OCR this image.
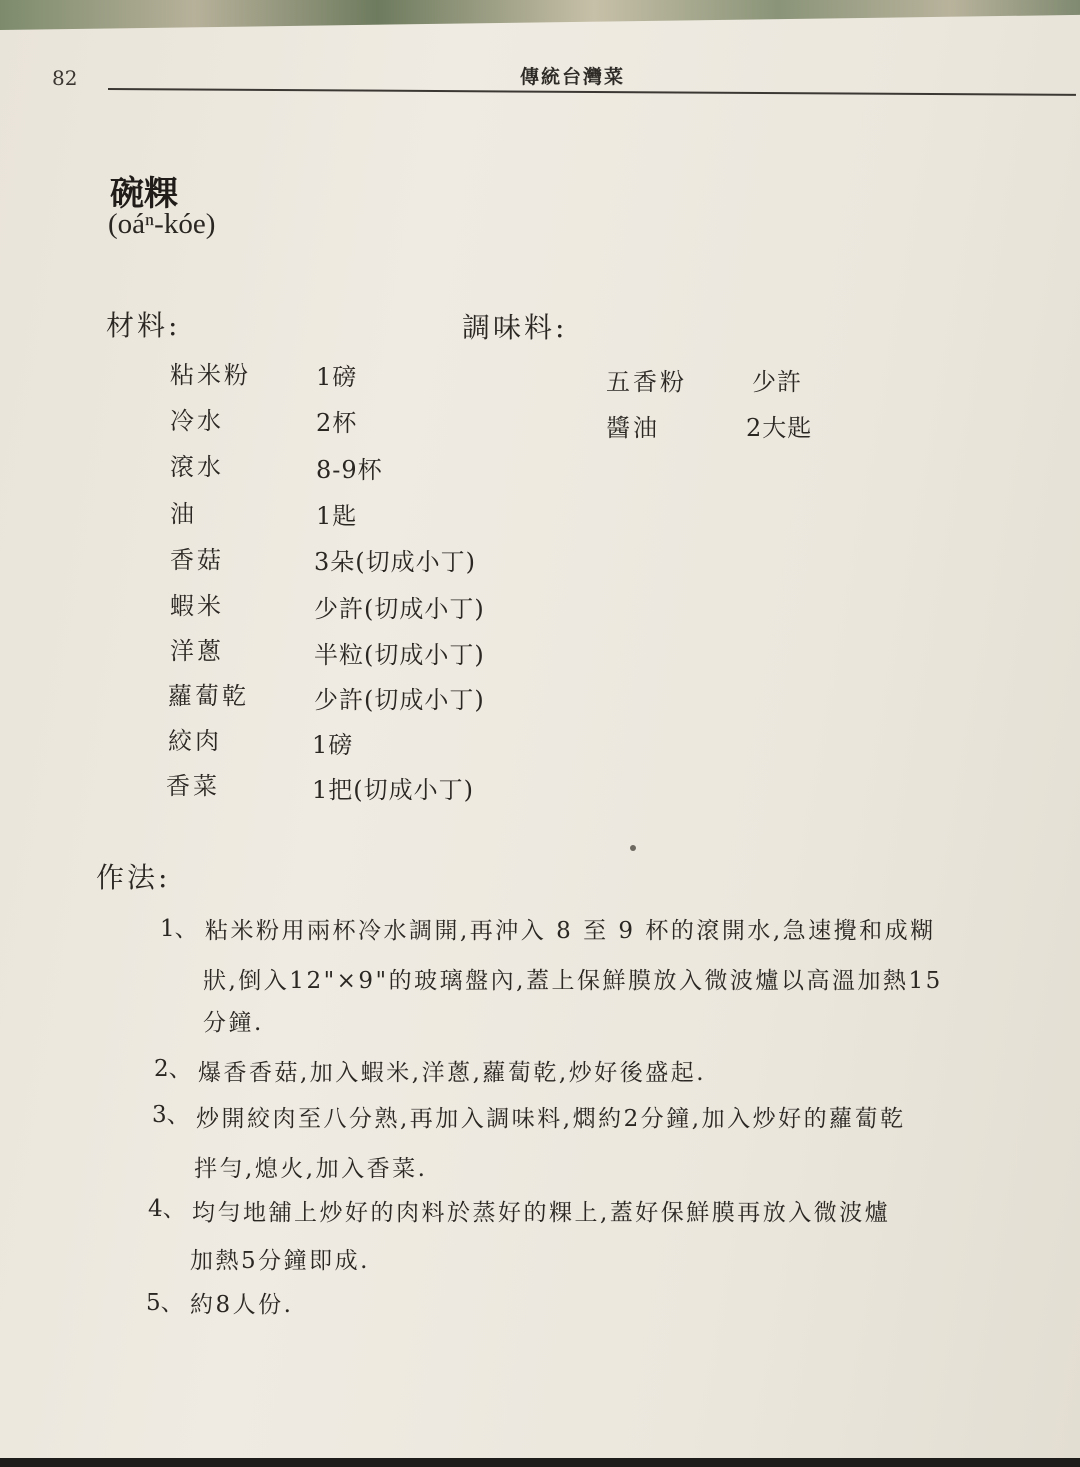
82	傳統台灣菜
碗粿
(oáⁿ-kóe)
材料:	調味料:
粘米粉	1磅
冷水	2杯
滾水	8-9杯
油	1匙
香菇	3朵(切成小丁)
蝦米	少許(切成小丁)
洋蔥	半粒(切成小丁)
蘿蔔乾	少許(切成小丁)
絞肉	1磅
香菜	1把(切成小丁)
五香粉	少許
醬油	2大匙
作法:
1、 粘米粉用兩杯冷水調開,再沖入 8 至 9 杯的滾開水,急速攪和成糊
狀,倒入12"×9"的玻璃盤內,蓋上保鮮膜放入微波爐以高溫加熱15
分鐘.
2、 爆香香菇,加入蝦米,洋蔥,蘿蔔乾,炒好後盛起.
3、 炒開絞肉至八分熟,再加入調味料,燜約2分鐘,加入炒好的蘿蔔乾
拌勻,熄火,加入香菜.
4、 均勻地舖上炒好的肉料於蒸好的粿上,蓋好保鮮膜再放入微波爐
加熱5分鐘即成.
5、 約8人份.
